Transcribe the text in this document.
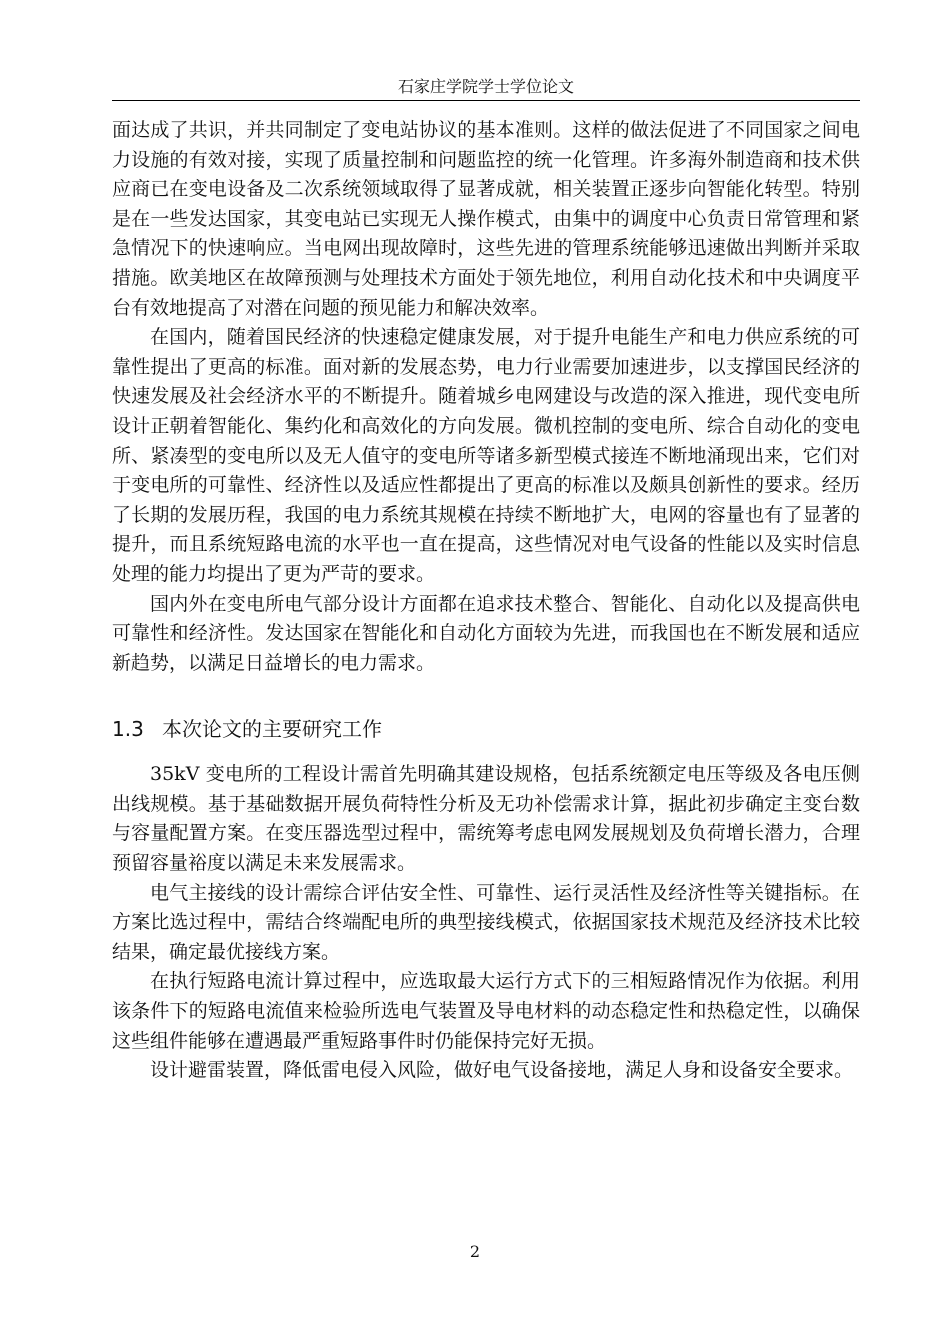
石家庄学院学士学位论文

面达成了共识，并共同制定了变电站协议的基本准则。这样的做法促进了不同国家之间电力设施的有效对接，实现了质量控制和问题监控的统一化管理。许多海外制造商和技术供应商已在变电设备及二次系统领域取得了显著成就，相关装置正逐步向智能化转型。特别是在一些发达国家，其变电站已实现无人操作模式，由集中的调度中心负责日常管理和紧急情况下的快速响应。当电网出现故障时，这些先进的管理系统能够迅速做出判断并采取措施。欧美地区在故障预测与处理技术方面处于领先地位，利用自动化技术和中央调度平台有效地提高了对潜在问题的预见能力和解决效率。

在国内，随着国民经济的快速稳定健康发展，对于提升电能生产和电力供应系统的可靠性提出了更高的标准。面对新的发展态势，电力行业需要加速进步，以支撑国民经济的快速发展及社会经济水平的不断提升。随着城乡电网建设与改造的深入推进，现代变电所设计正朝着智能化、集约化和高效化的方向发展。微机控制的变电所、综合自动化的变电所、紧凑型的变电所以及无人值守的变电所等诸多新型模式接连不断地涌现出来，它们对于变电所的可靠性、经济性以及适应性都提出了更高的标准以及颇具创新性的要求。经历了长期的发展历程，我国的电力系统其规模在持续不断地扩大，电网的容量也有了显著的提升，而且系统短路电流的水平也一直在提高，这些情况对电气设备的性能以及实时信息处理的能力均提出了更为严苛的要求。

国内外在变电所电气部分设计方面都在追求技术整合、智能化、自动化以及提高供电可靠性和经济性。发达国家在智能化和自动化方面较为先进，而我国也在不断发展和适应新趋势，以满足日益增长的电力需求。

1.3 本次论文的主要研究工作

35kV 变电所的工程设计需首先明确其建设规格，包括系统额定电压等级及各电压侧出线规模。基于基础数据开展负荷特性分析及无功补偿需求计算，据此初步确定主变台数与容量配置方案。在变压器选型过程中，需统筹考虑电网发展规划及负荷增长潜力，合理预留容量裕度以满足未来发展需求。

电气主接线的设计需综合评估安全性、可靠性、运行灵活性及经济性等关键指标。在方案比选过程中，需结合终端配电所的典型接线模式，依据国家技术规范及经济技术比较结果，确定最优接线方案。

在执行短路电流计算过程中，应选取最大运行方式下的三相短路情况作为依据。利用该条件下的短路电流值来检验所选电气装置及导电材料的动态稳定性和热稳定性，以确保这些组件能够在遭遇最严重短路事件时仍能保持完好无损。

设计避雷装置，降低雷电侵入风险，做好电气设备接地，满足人身和设备安全要求。

2
